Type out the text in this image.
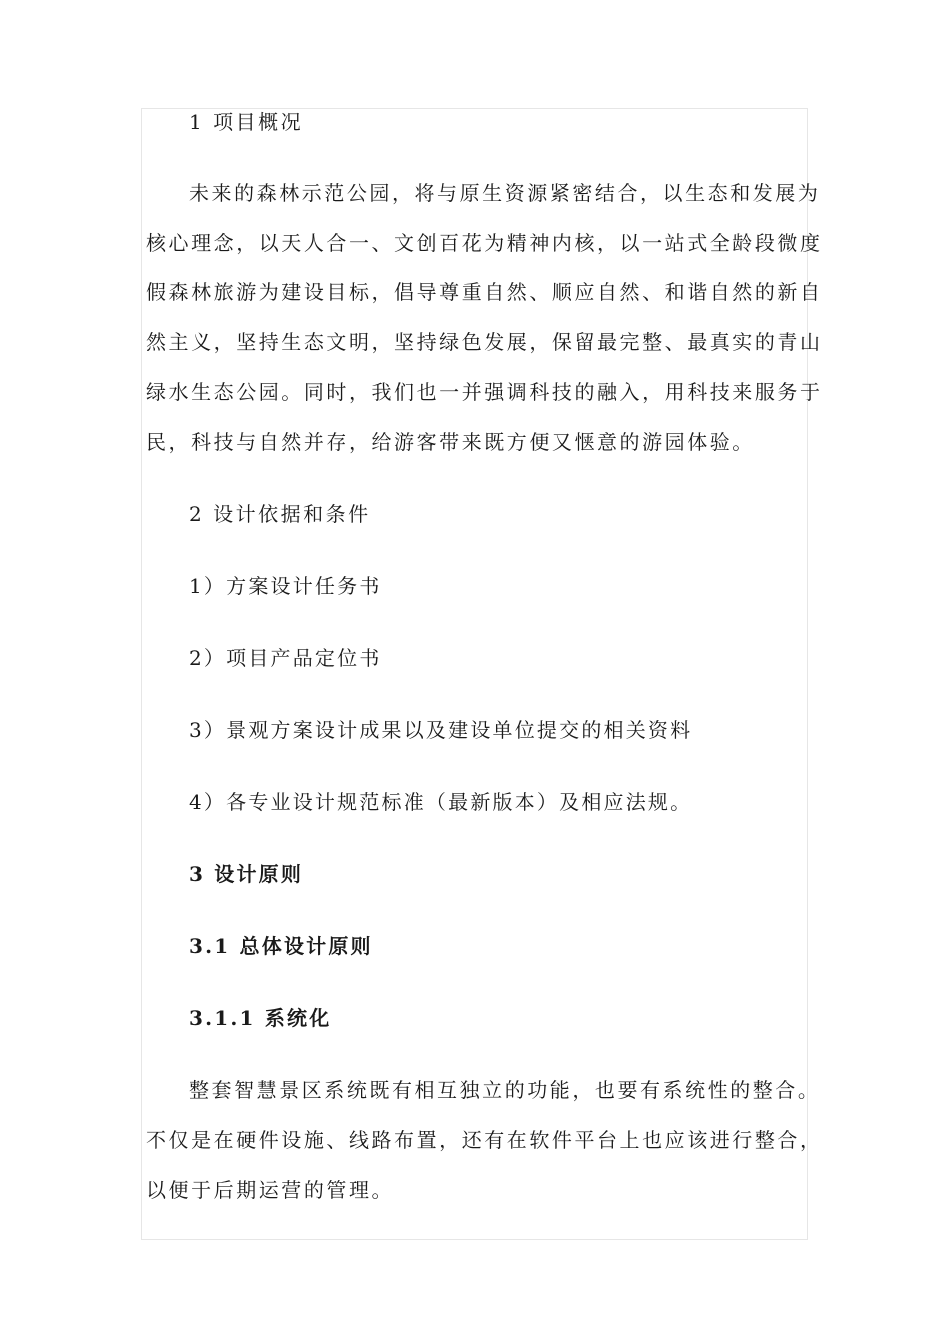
1 项目概况
未来的森林示范公园，将与原生资源紧密结合，以生态和发展为
核心理念，以天人合一、文创百花为精神内核，以一站式全龄段微度
假森林旅游为建设目标，倡导尊重自然、顺应自然、和谐自然的新自
然主义，坚持生态文明，坚持绿色发展，保留最完整、最真实的青山
绿水生态公园。同时，我们也一并强调科技的融入，用科技来服务于
民，科技与自然并存，给游客带来既方便又惬意的游园体验。
2 设计依据和条件
1）方案设计任务书
2）项目产品定位书
3）景观方案设计成果以及建设单位提交的相关资料
4）各专业设计规范标准（最新版本）及相应法规。
3 设计原则
3.1 总体设计原则
3.1.1 系统化
整套智慧景区系统既有相互独立的功能，也要有系统性的整合。
不仅是在硬件设施、线路布置，还有在软件平台上也应该进行整合，
以便于后期运营的管理。
